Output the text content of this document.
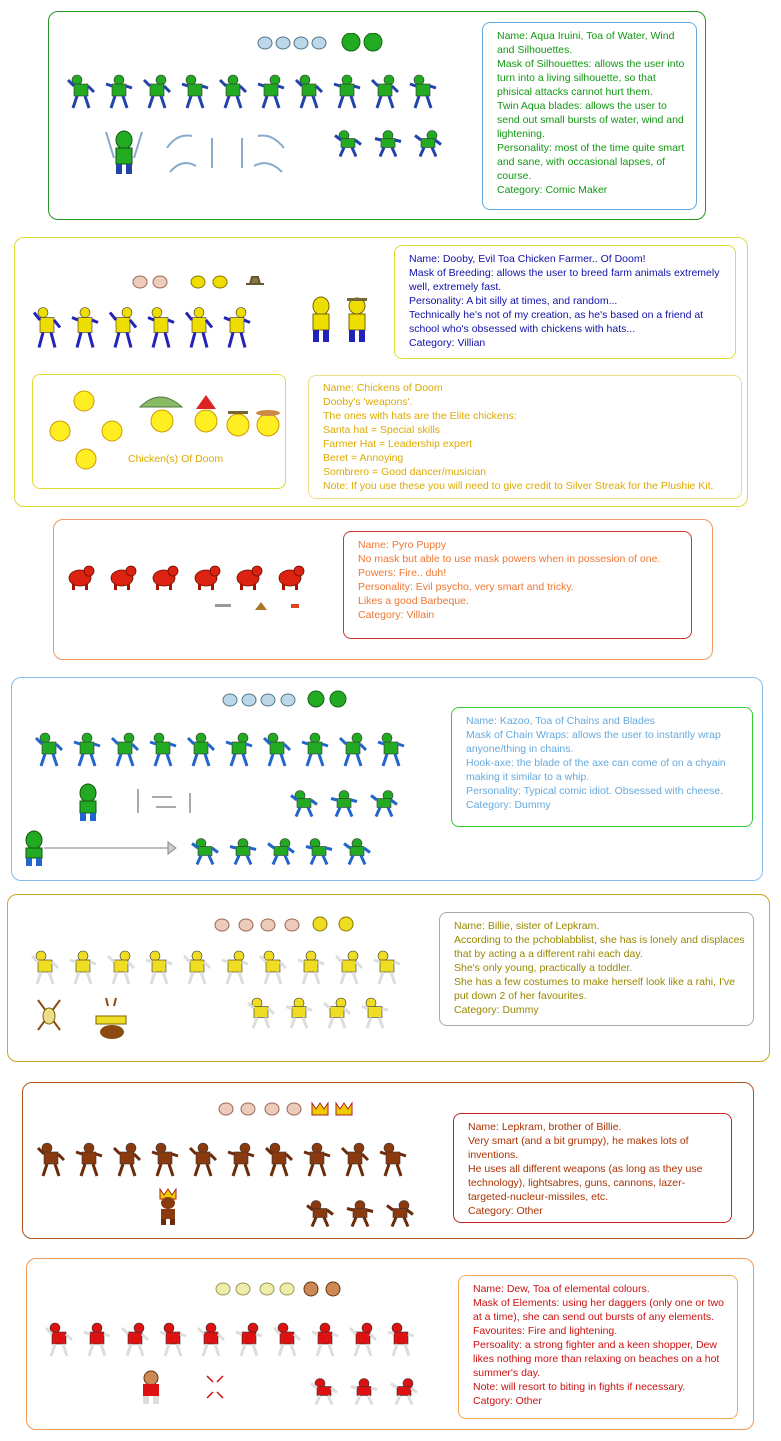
Name: Aqua Iruini, Toa of Water, Wind and Silhouettes.

Mask of Silhouettes: allows the user into turn into a living silhouette, so that phisical attacks cannot hurt them.

Twin Aqua blades: allows the user to send out small bursts of water, wind and lightening.

Personality: most of the time quite smart and sane, with occasional lapses, of course.

Category: Comic Maker

Name: Dooby, Evil Toa Chicken Farmer.. Of Doom!

Mask of Breeding: allows the user to breed farm animals extremely well, extremely fast.

Personality: A bit silly at times, and random...

Technically he's not of my creation, as he's based on a friend at school who's obsessed with chickens with hats...

Category: Villian

Chicken(s) Of Doom

Name: Chickens of Doom

Dooby's 'weapons'.

The ones with hats are the Elite chickens:

Santa hat = Special skills

Farmer Hat = Leadership expert

Beret = Annoying

Sombrero = Good dancer/musician

Note: If you use these you will need to give credit to Silver Streak for the Plushie Kit.

Name: Pyro Puppy

No mask but able to use mask powers when in possesion of one.

Powers: Fire.. duh!

Personality: Evil psycho, very smart and tricky.

Likes a good Barbeque.

Category: Villain

Name: Kazoo, Toa of Chains and Blades

Mask of Chain Wraps: allows the user to instantly wrap anyone/thing in chains.

Hook-axe: the blade of the axe can come of on a chyain making it similar to a whip.

Personality: Typical comic idiot. Obsessed with cheese.

Category: Dummy

Name: Billie, sister of Lepkram.

According to the pchoblabblist, she has is lonely and displaces that by acting a a different rahi each day.

She's only young, practically a toddler.

She has a few costumes to make herself look like a rahi, I've put down 2 of her favourites.

Category: Dummy

Name: Lepkram, brother of Billie.

Very smart (and a bit grumpy), he makes lots of inventions.

He uses all different weapons (as long as they use technology), lightsabres, guns, cannons, lazer-targeted-nucleur-missiles, etc.

Category: Other

Name: Dew, Toa of elemental colours.

Mask of Elements: using her daggers (only one or two at a time), she can send out bursts of any elements.

Favourites: Fire and lightening.

Persoality: a strong fighter and a keen shopper, Dew likes nothing more than relaxing on beaches on a hot summer's day.

Note: will resort to biting in fights if necessary.

Catgory: Other
